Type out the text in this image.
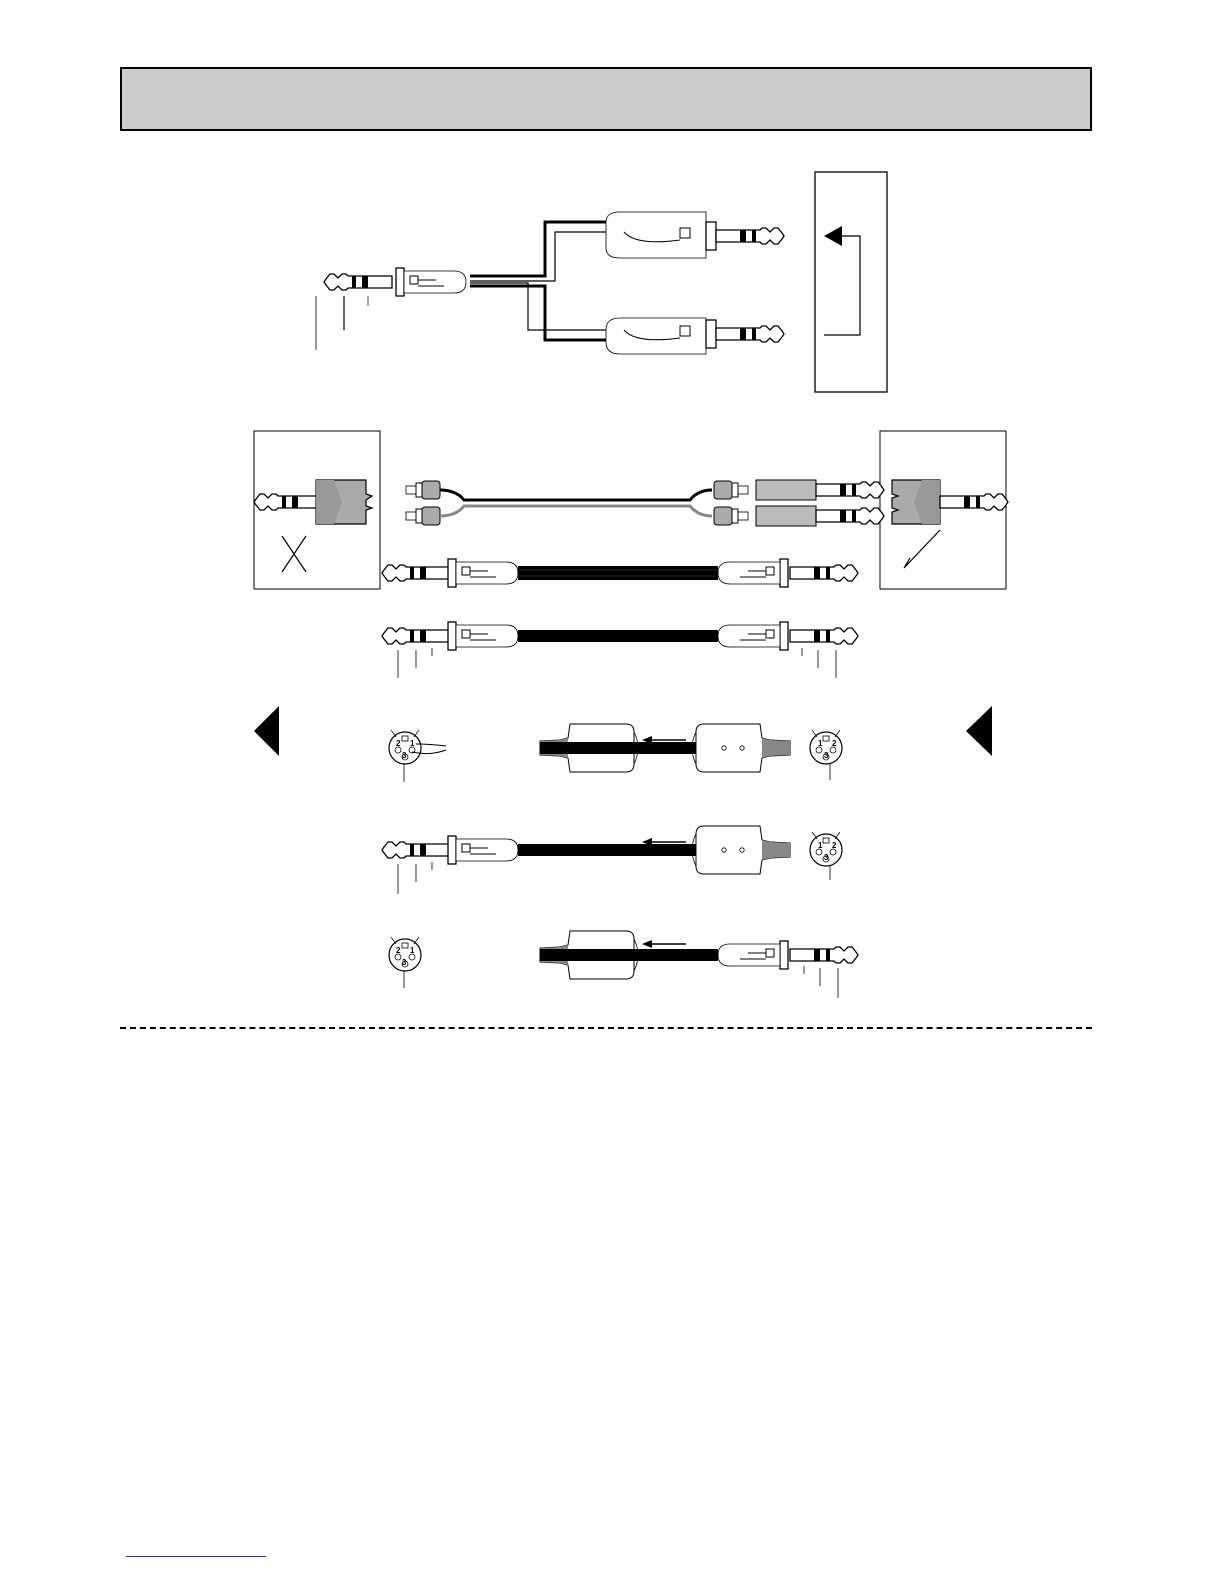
2 1
3
1 2
3
1 2
3
2 1
3
